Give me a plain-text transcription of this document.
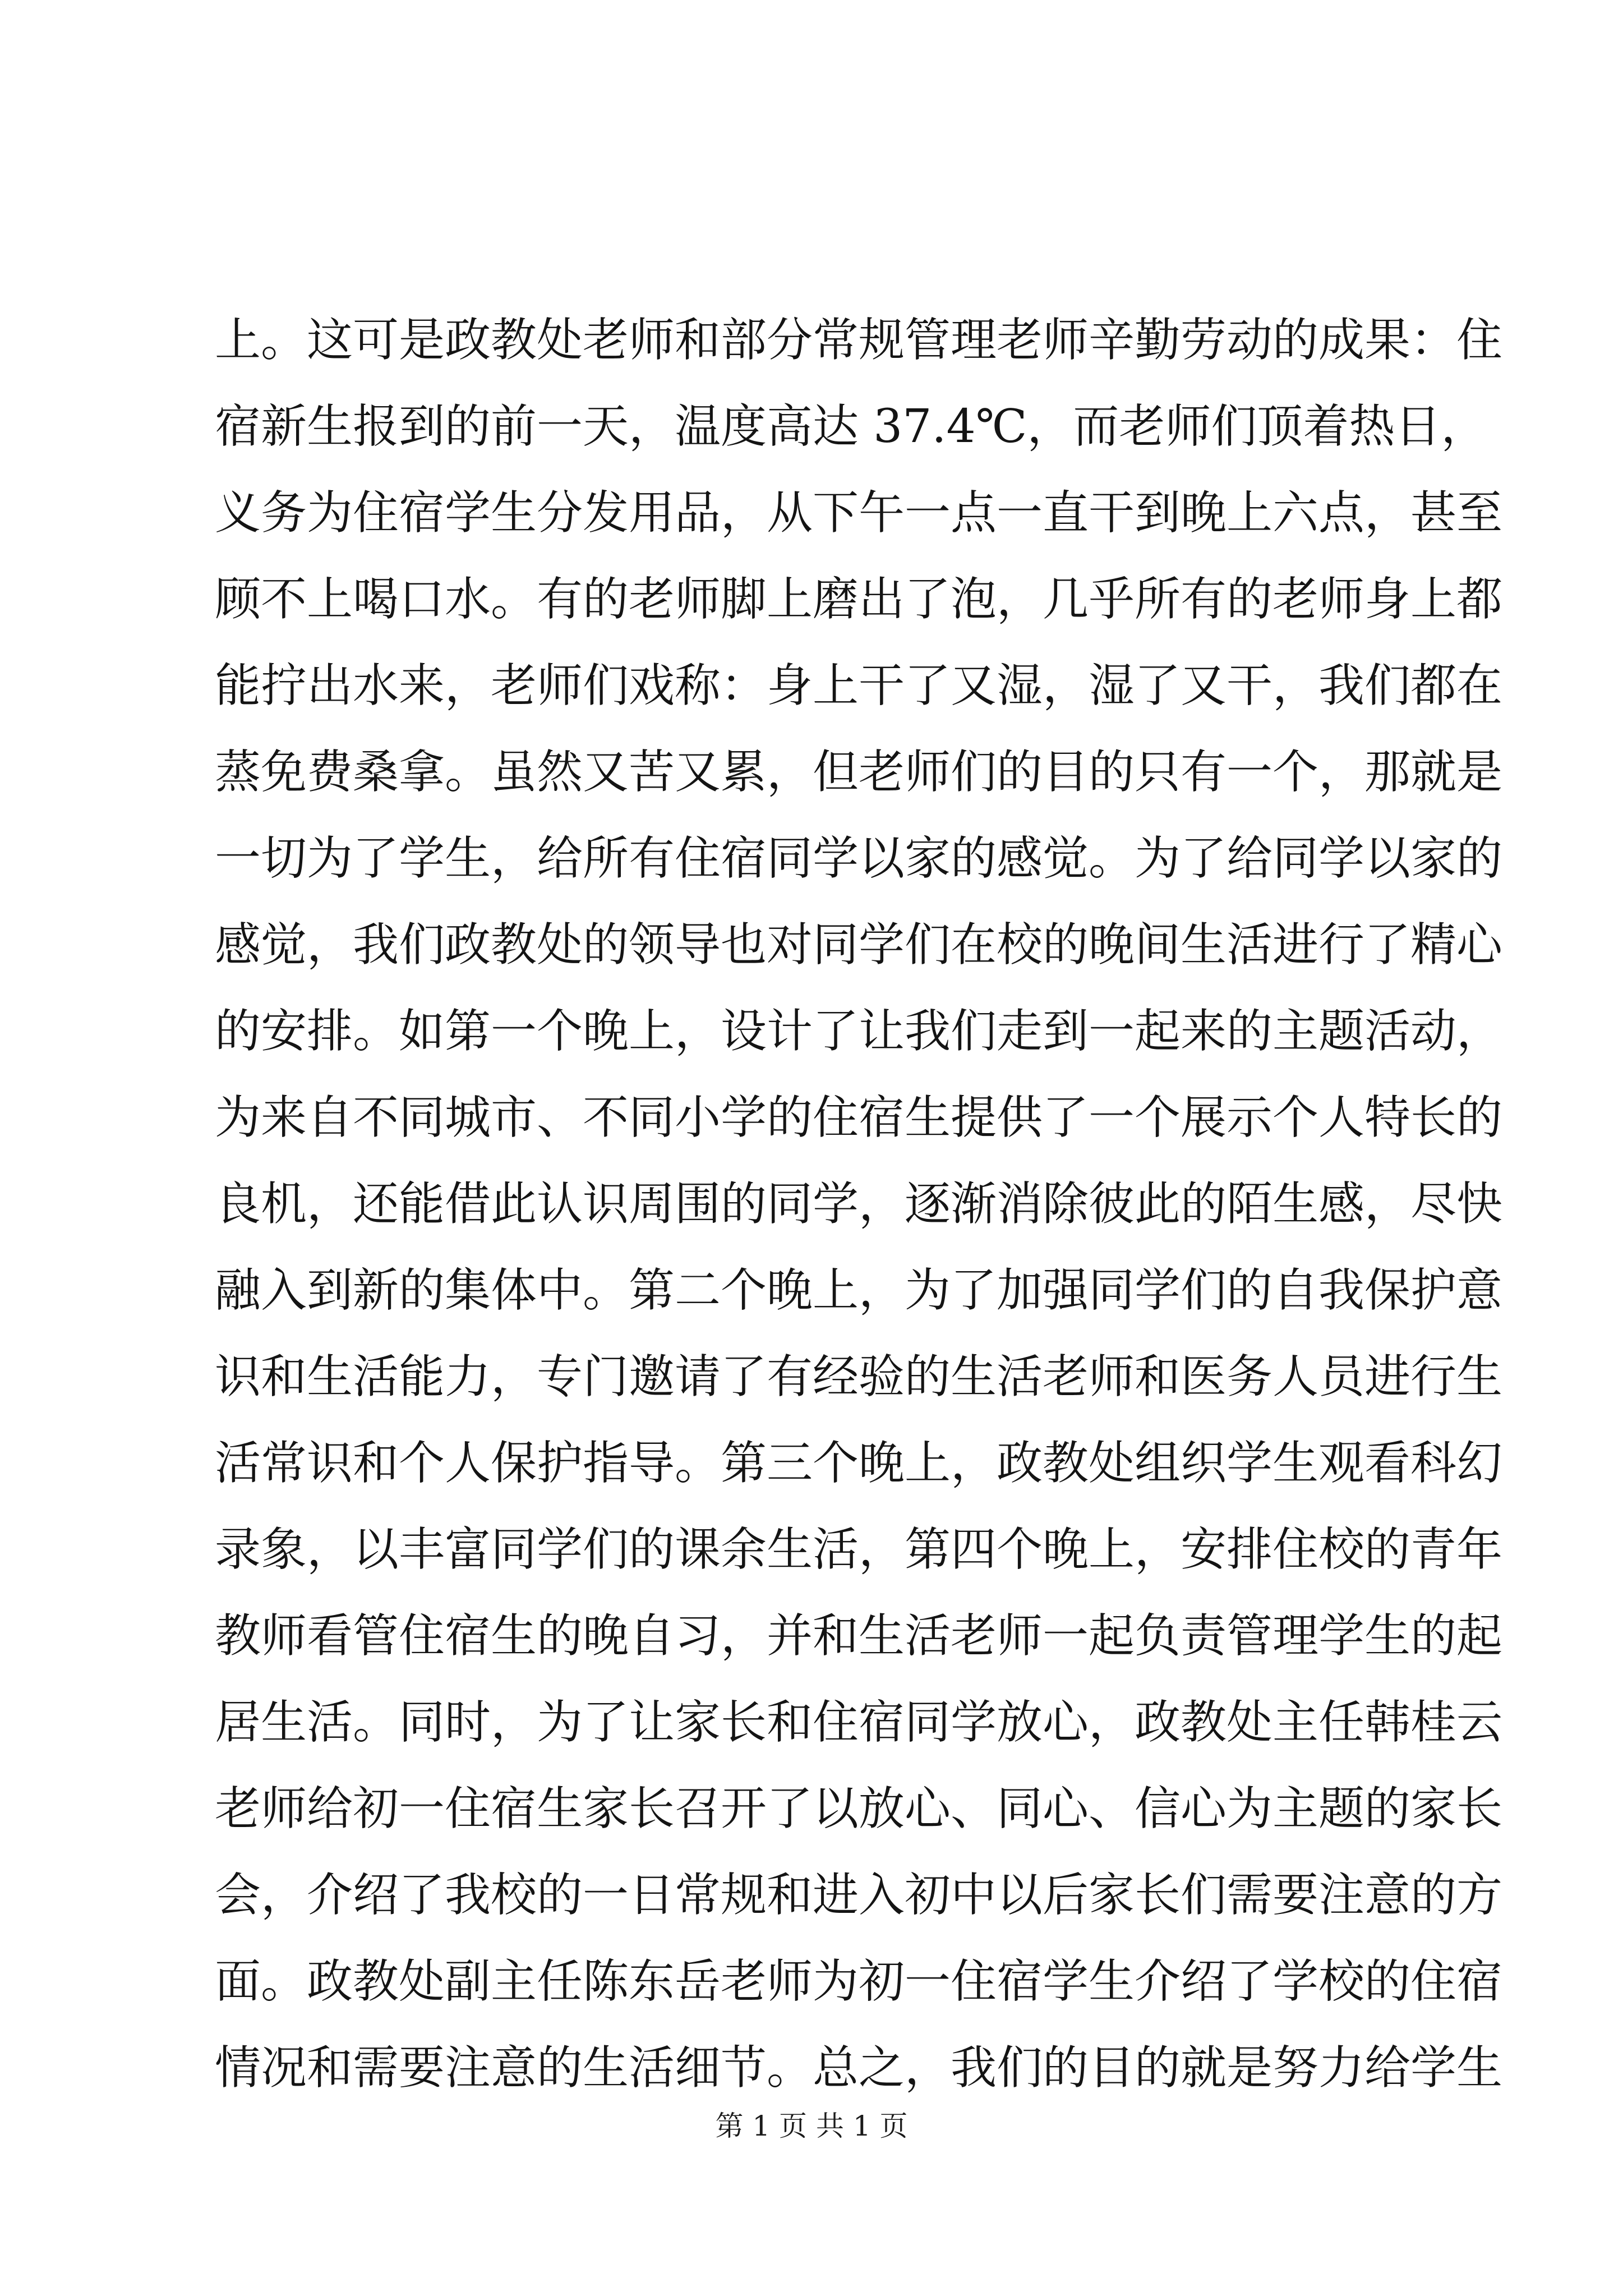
上。这可是政教处老师和部分常规管理老师辛勤劳动的成果：住
宿新生报到的前一天，温度高达 37.4℃，而老师们顶着热日，
义务为住宿学生分发用品，从下午一点一直干到晚上六点，甚至
顾不上喝口水。有的老师脚上磨出了泡，几乎所有的老师身上都
能拧出水来，老师们戏称：身上干了又湿，湿了又干，我们都在
蒸免费桑拿。虽然又苦又累，但老师们的目的只有一个，那就是
一切为了学生，给所有住宿同学以家的感觉。为了给同学以家的
感觉，我们政教处的领导也对同学们在校的晚间生活进行了精心
的安排。如第一个晚上，设计了让我们走到一起来的主题活动，
为来自不同城市、不同小学的住宿生提供了一个展示个人特长的
良机，还能借此认识周围的同学，逐渐消除彼此的陌生感，尽快
融入到新的集体中。第二个晚上，为了加强同学们的自我保护意
识和生活能力，专门邀请了有经验的生活老师和医务人员进行生
活常识和个人保护指导。第三个晚上，政教处组织学生观看科幻
录象，以丰富同学们的课余生活，第四个晚上，安排住校的青年
教师看管住宿生的晚自习，并和生活老师一起负责管理学生的起
居生活。同时，为了让家长和住宿同学放心，政教处主任韩桂云
老师给初一住宿生家长召开了以放心、同心、信心为主题的家长
会，介绍了我校的一日常规和进入初中以后家长们需要注意的方
面。政教处副主任陈东岳老师为初一住宿学生介绍了学校的住宿
情况和需要注意的生活细节。总之，我们的目的就是努力给学生
第 1 页 共 1 页
